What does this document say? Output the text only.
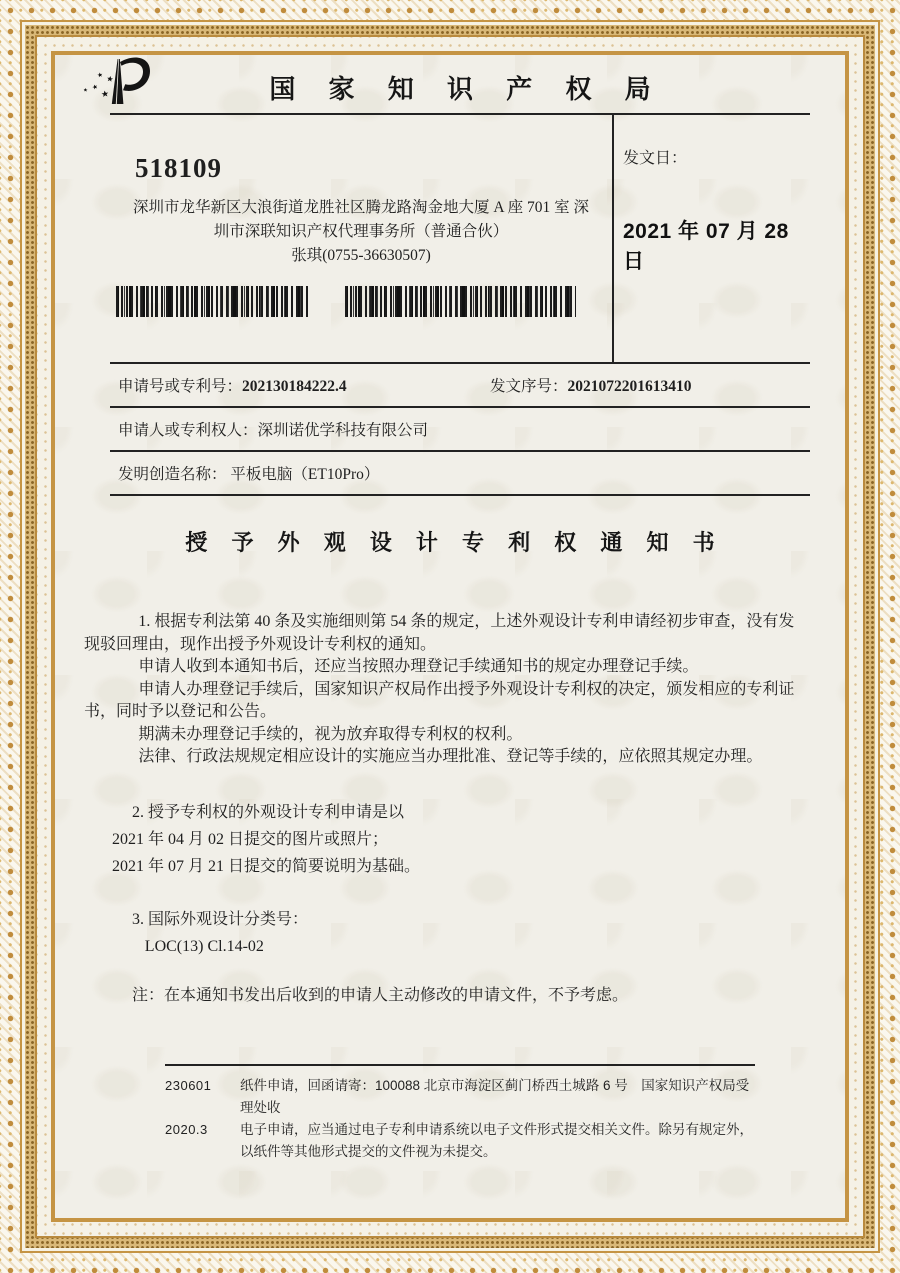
国 家 知 识 产 权 局
518109
深圳市龙华新区大浪街道龙胜社区腾龙路淘金地大厦 A 座 701 室 深
圳市深联知识产权代理事务所（普通合伙）
张琪(0755-36630507)
发文日：
2021 年 07 月 28 日
申请号或专利号：202130184222.4	发文序号：2021072201613410
申请人或专利权人：深圳诺优学科技有限公司
发明创造名称： 平板电脑（ET10Pro）
授 予 外 观 设 计 专 利 权 通 知 书

1. 根据专利法第 40 条及实施细则第 54 条的规定，上述外观设计专利申请经初步审查，没有发现驳回理由，现作出授予外观设计专利权的通知。

申请人收到本通知书后，还应当按照办理登记手续通知书的规定办理登记手续。

申请人办理登记手续后，国家知识产权局作出授予外观设计专利权的决定，颁发相应的专利证书，同时予以登记和公告。

期满未办理登记手续的，视为放弃取得专利权的权利。

法律、行政法规规定相应设计的实施应当办理批准、登记等手续的，应依照其规定办理。

2. 授予专利权的外观设计专利申请是以

2021 年 04 月 02 日提交的图片或照片；

2021 年 07 月 21 日提交的简要说明为基础。

3. 国际外观设计分类号：

LOC(13) Cl.14-02

注：在本通知书发出后收到的申请人主动修改的申请文件，不予考虑。

230601	纸件申请，回函请寄：100088 北京市海淀区蓟门桥西土城路 6 号　国家知识产权局受理处收
2020.3	电子申请，应当通过电子专利申请系统以电子文件形式提交相关文件。除另有规定外，以纸件等其他形式提交的文件视为未提交。
